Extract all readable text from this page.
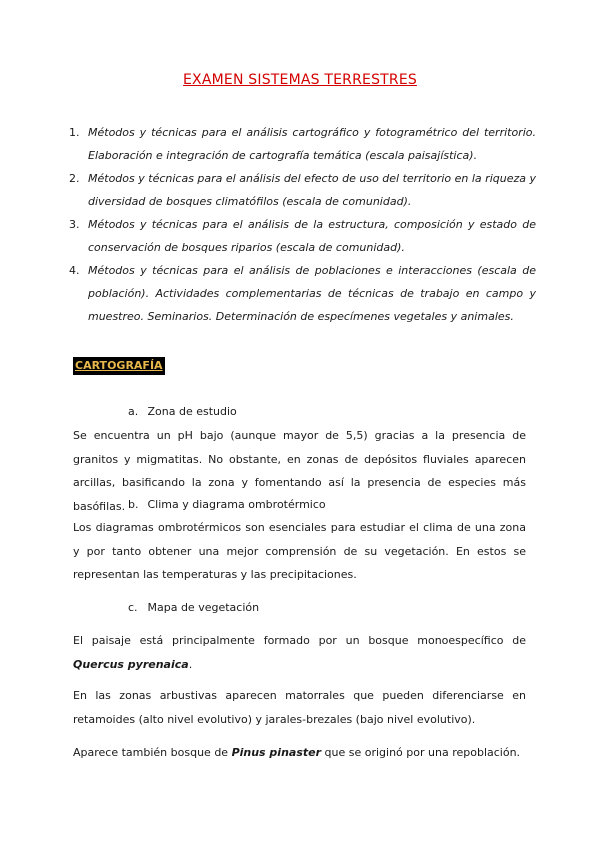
EXAMEN SISTEMAS TERRESTRES
1. Métodos y técnicas para el análisis cartográfico y fotogramétrico del territorio. Elaboración e integración de cartografía temática (escala paisajística).
2. Métodos y técnicas para el análisis del efecto de uso del territorio en la riqueza y diversidad de bosques climatófilos (escala de comunidad).
3. Métodos y técnicas para el análisis de la estructura, composición y estado de conservación de bosques riparios (escala de comunidad).
4. Métodos y técnicas para el análisis de poblaciones e interacciones (escala de población). Actividades complementarias de técnicas de trabajo en campo y muestreo. Seminarios. Determinación de especímenes vegetales y animales.
CARTOGRAFÍA
a. Zona de estudio
Se encuentra un pH bajo (aunque mayor de 5,5) gracias a la presencia de granitos y migmatitas. No obstante, en zonas de depósitos fluviales aparecen arcillas, basificando la zona y fomentando así la presencia de especies más basófilas. b. Clima y diagrama ombrotérmico
Los diagramas ombrotérmicos son esenciales para estudiar el clima de una zona y por tanto obtener una mejor comprensión de su vegetación. En estos se representan las temperaturas y las precipitaciones.
c. Mapa de vegetación
El paisaje está principalmente formado por un bosque monoespecífico de Quercus pyrenaica.
En las zonas arbustivas aparecen matorrales que pueden diferenciarse en retamoides (alto nivel evolutivo) y jarales-brezales (bajo nivel evolutivo).
Aparece también bosque de Pinus pinaster que se originó por una repoblación.
